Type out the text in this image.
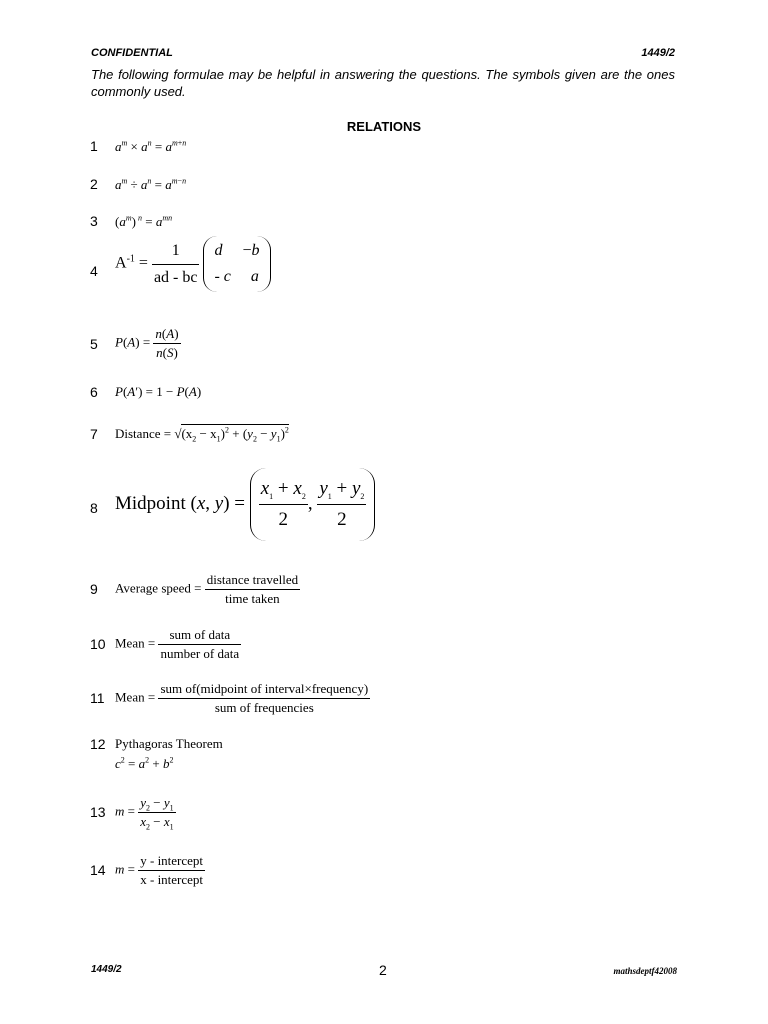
CONFIDENTIAL	1449/2
The following formulae may be helpful in answering the questions. The symbols given are the ones commonly used.
RELATIONS
1 $a^m \times a^n = a^{m+n}$
2 $a^m \div a^n = a^{m-n}$
3 $(a^m) ^n = a^{mn}$
4 $A^{-1} = \frac{1}{ad - bc}$ d     −b
- c a
5 $P(A) = \frac{n(A)}{n(S)}$
6 P(A′) = 1 − P(A)
7 Distance = $√(x_2 - x_1)^2 + (y_2 - y_1)^2$
8 Midpoint (x, $y) = \frac{x_1 + x_2}{2}$ , $\frac{y_1 + y_2}{2}$
9 Average speed =
distance travelled
time taken
10 Mean =
sum of data
number of data
11 Mean =
sum of(midpoint of interval×frequency)
sum of frequencies
12 Pythagoras Theorem
$c^2 = a^2 + b^2$
13 $m = \frac{y_2 - y_1}{x_2 - x_1}$
14 m =
y - intercept
x - intercept
1449/2	2	mathsdeptf42008
